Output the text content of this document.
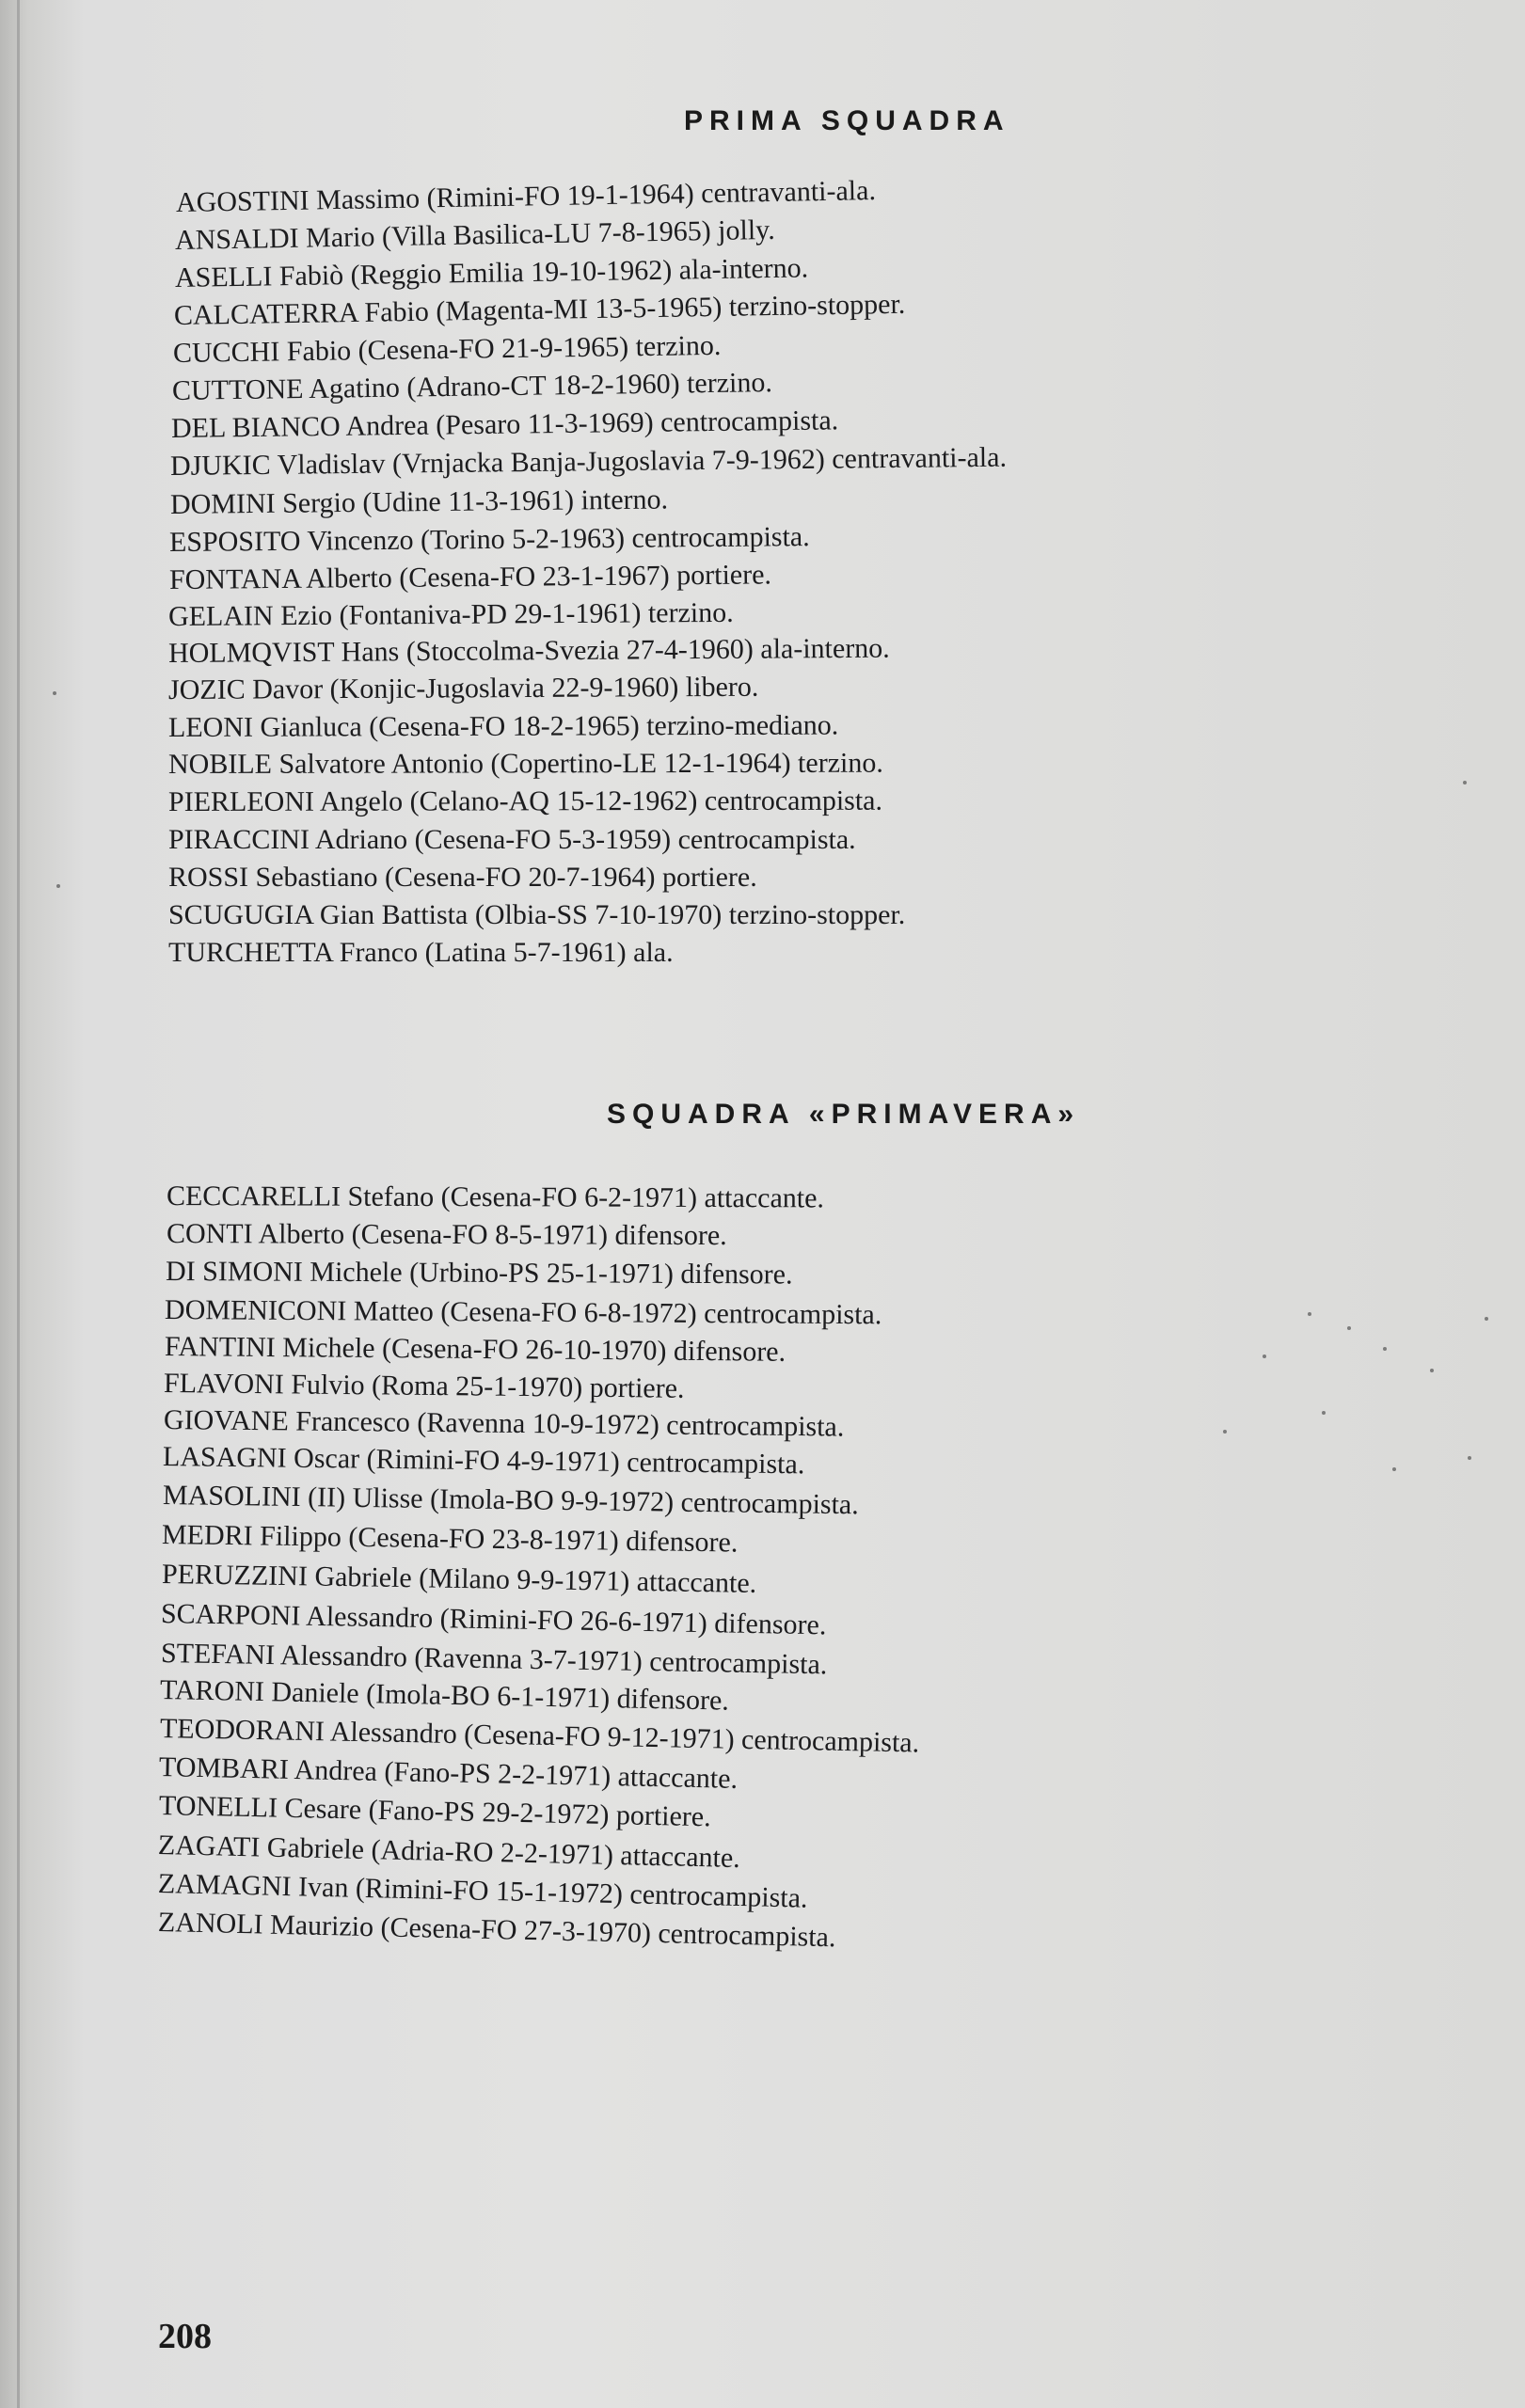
PRIMA SQUADRA
AGOSTINI Massimo (Rimini-FO 19-1-1964) centravanti-ala.
ANSALDI Mario (Villa Basilica-LU 7-8-1965) jolly.
ASELLI Fabiò (Reggio Emilia 19-10-1962) ala-interno.
CALCATERRA Fabio (Magenta-MI 13-5-1965) terzino-stopper.
CUCCHI Fabio (Cesena-FO 21-9-1965) terzino.
CUTTONE Agatino (Adrano-CT 18-2-1960) terzino.
DEL BIANCO Andrea (Pesaro 11-3-1969) centrocampista.
DJUKIC Vladislav (Vrnjacka Banja-Jugoslavia 7-9-1962) centravanti-ala.
DOMINI Sergio (Udine 11-3-1961) interno.
ESPOSITO Vincenzo (Torino 5-2-1963) centrocampista.
FONTANA Alberto (Cesena-FO 23-1-1967) portiere.
GELAIN Ezio (Fontaniva-PD 29-1-1961) terzino.
HOLMQVIST Hans (Stoccolma-Svezia 27-4-1960) ala-interno.
JOZIC Davor (Konjic-Jugoslavia 22-9-1960) libero.
LEONI Gianluca (Cesena-FO 18-2-1965) terzino-mediano.
NOBILE Salvatore Antonio (Copertino-LE 12-1-1964) terzino.
PIERLEONI Angelo (Celano-AQ 15-12-1962) centrocampista.
PIRACCINI Adriano (Cesena-FO 5-3-1959) centrocampista.
ROSSI Sebastiano (Cesena-FO 20-7-1964) portiere.
SCUGUGIA Gian Battista (Olbia-SS 7-10-1970) terzino-stopper.
TURCHETTA Franco (Latina 5-7-1961) ala.
SQUADRA «PRIMAVERA»
CECCARELLI Stefano (Cesena-FO 6-2-1971) attaccante.
CONTI Alberto (Cesena-FO 8-5-1971) difensore.
DI SIMONI Michele (Urbino-PS 25-1-1971) difensore.
DOMENICONI Matteo (Cesena-FO 6-8-1972) centrocampista.
FANTINI Michele (Cesena-FO 26-10-1970) difensore.
FLAVONI Fulvio (Roma 25-1-1970) portiere.
GIOVANE Francesco (Ravenna 10-9-1972) centrocampista.
LASAGNI Oscar (Rimini-FO 4-9-1971) centrocampista.
MASOLINI (II) Ulisse (Imola-BO 9-9-1972) centrocampista.
MEDRI Filippo (Cesena-FO 23-8-1971) difensore.
PERUZZINI Gabriele (Milano 9-9-1971) attaccante.
SCARPONI Alessandro (Rimini-FO 26-6-1971) difensore.
STEFANI Alessandro (Ravenna 3-7-1971) centrocampista.
TARONI Daniele (Imola-BO 6-1-1971) difensore.
TEODORANI Alessandro (Cesena-FO 9-12-1971) centrocampista.
TOMBARI Andrea (Fano-PS 2-2-1971) attaccante.
TONELLI Cesare (Fano-PS 29-2-1972) portiere.
ZAGATI Gabriele (Adria-RO 2-2-1971) attaccante.
ZAMAGNI Ivan (Rimini-FO 15-1-1972) centrocampista.
ZANOLI Maurizio (Cesena-FO 27-3-1970) centrocampista.
208
